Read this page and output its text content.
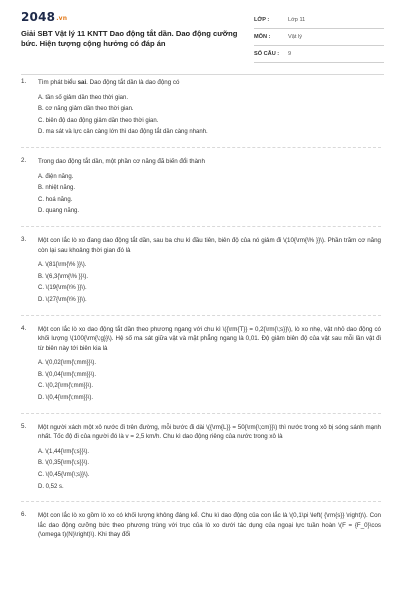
2048.vn
Giải SBT Vật lý 11 KNTT Dao động tắt dần. Dao động cưỡng bức. Hiện tượng cộng hưởng có đáp án
LỚP :	Lớp 11
MÔN :	Vật lý
SỐ CÂU :	9
1. Tìm phát biểu sai. Dao động tắt dần là dao động có
A. tần số giảm dần theo thời gian.
B. cơ năng giảm dần theo thời gian.
C. biên độ dao động giảm dần theo thời gian.
D. ma sát và lực cản càng lớn thì dao động tắt dần càng nhanh.
2. Trong dao động tắt dần, một phần cơ năng đã biến đổi thành
A. điện năng.
B. nhiệt năng.
C. hoá năng.
D. quang năng.
3. Một con lắc lò xo đang dao động tắt dần, sau ba chu kì đầu tiên, biên độ của nó giảm đi \(10{\rm{\% }}\). Phần trăm cơ năng còn lại sau khoảng thời gian đó là
A. \(81{\rm{\% }}\).
B. \(6,3{\rm{\% }}\).
C. \(19{\rm{\% }}\).
D. \(27{\rm{\% }}\).
4. Một con lắc lò xo dao động tắt dần theo phương ngang với chu kì \({\rm{T}} = 0,2{\rm{\;s}}\), lò xo nhẹ, vật nhỏ dao động có khối lượng \(100{\rm{\;g}}\). Hệ số ma sát giữa vật và mặt phẳng ngang là 0,01. Độ giảm biên độ của vật sau mỗi lần vật đi từ biên này tới biên kia là
A. \(0,02{\rm{\;mm}}\).
B. \(0,04{\rm{\;mm}}\).
C. \(0,2{\rm{\;mm}}\).
D. \(0,4{\rm{\;mm}}\).
5. Một người xách một xô nước đi trên đường, mỗi bước đi dài \({\rm{L}} = 50{\rm{\;cm}}\) thì nước trong xô bị sóng sánh mạnh nhất. Tốc độ đi của người đó là v = 2,5 km/h. Chu kì dao động riêng của nước trong xô là
A. \(1,44{\rm{\;s}}\).
B. \(0,35{\rm{\;s}}\).
C. \(0,45{\rm{\;s}}\).
D. 0,52 s.
6. Một con lắc lò xo gồm lò xo có khối lượng không đáng kể. Chu kì dao động của con lắc là \(0,1\pi \left( {\rm{s}} \right)\). Con lắc dao động cưỡng bức theo phương trùng với trục của lò xo dưới tác dụng của ngoại lực tuần hoàn \(F = {F_0}\cos (\omega t)(N)\right)\). Khi thay đổi
